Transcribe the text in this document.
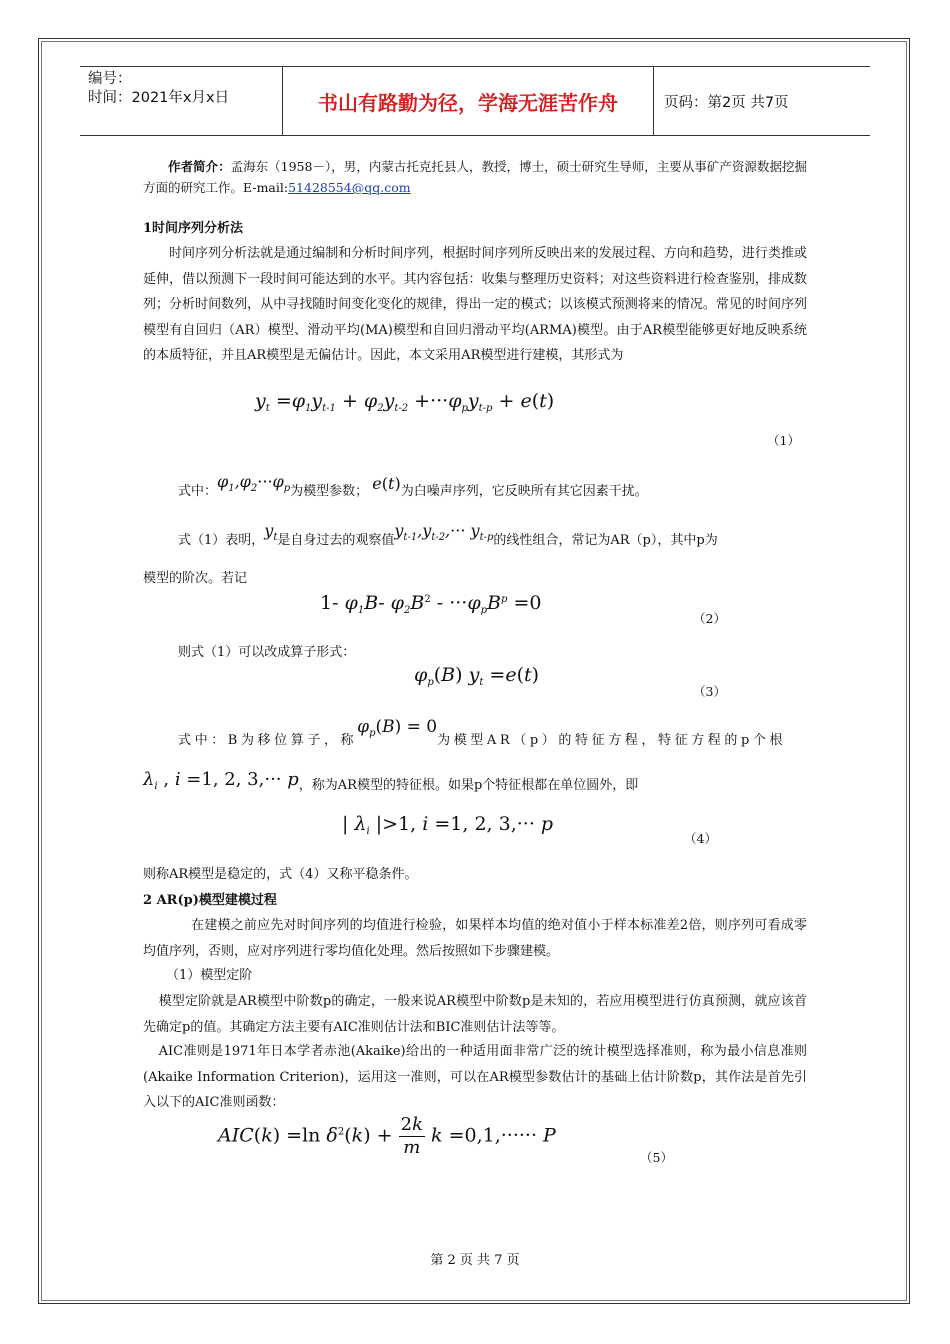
编号：
时间：2021年x月x日	书山有路勤为径，学海无涯苦作舟	页码：第2页 共7页
作者简介：孟海东（1958－），男，内蒙古托克托县人，教授，博士，硕士研究生导师，主要从事矿产资源数据挖掘方面的研究工作。E-mail:51428554@qq.com
1时间序列分析法
时间序列分析法就是通过编制和分析时间序列，根据时间序列所反映出来的发展过程、方向和趋势，进行类推或延伸，借以预测下一段时间可能达到的水平。其内容包括：收集与整理历史资料；对这些资料进行检查鉴别，排成数列；分析时间数列，从中寻找随时间变化变化的规律，得出一定的模式；以该模式预测将来的情况。常见的时间序列模型有自回归（AR）模型、滑动平均(MA)模型和自回归滑动平均(ARMA)模型。由于AR模型能够更好地反映系统的本质特征，并且AR模型是无偏估计。因此，本文采用AR模型进行建模，其形式为
$y_t =\varphi_1y_{t-1} + \varphi_2y_{t-2} +\cdot\cdot\cdot\varphi_py_{t-p} + e(t)$
（1）
式中：$\varphi_1,\varphi_2\cdot\cdot\cdot\varphi_p$为模型参数； e(t)为白噪声序列，它反映所有其它因素干扰。
式（1）表明，$y_t$是自身过去的观察值$y_{t-1},y_{t-2},\cdot\cdot\cdot y_{t-p}$的线性组合，常记为AR（p），其中p为
模型的阶次。若记
1- $\varphi_1B-$ $\varphi_2B^2 - \cdot\cdot\cdot\varphi_pB^p =0$
（2）
则式（1）可以改成算子形式：
$\varphi_p(B)$ $y_t =e(t)$
（3）
式中：B为移位算子，称$\varphi_p(B) = 0$为模型AR（p）的特征方程，特征方程的p个根
$\lambda_i$ , i =1, 2, 3,··· p，称为AR模型的特征根。如果p个特征根都在单位圆外，即
| $\lambda_i$ |>1, i =1, 2, 3,··· p
（4）
则称AR模型是稳定的，式（4）又称平稳条件。
2 AR(p)模型建模过程
在建模之前应先对时间序列的均值进行检验，如果样本均值的绝对值小于样本标准差2倍，则序列可看成零均值序列，否则，应对序列进行零均值化处理。然后按照如下步骤建模。
（1）模型定阶
模型定阶就是AR模型中阶数p的确定，一般来说AR模型中阶数p是未知的，若应用模型进行仿真预测，就应该首先确定p的值。其确定方法主要有AIC准则估计法和BIC准则估计法等等。
AIC准则是1971年日本学者赤池(Akaike)给出的一种适用面非常广泛的统计模型选择准则，称为最小信息准则(Akaike Information Criterion)，运用这一准则，可以在AR模型参数估计的基础上估计阶数p，其作法是首先引入以下的AIC准则函数：
AIC(k) =ln $\delta^2(k) + \frac{2k}{m}$ k =0,1,······ P
（5）
第 2 页 共 7 页
